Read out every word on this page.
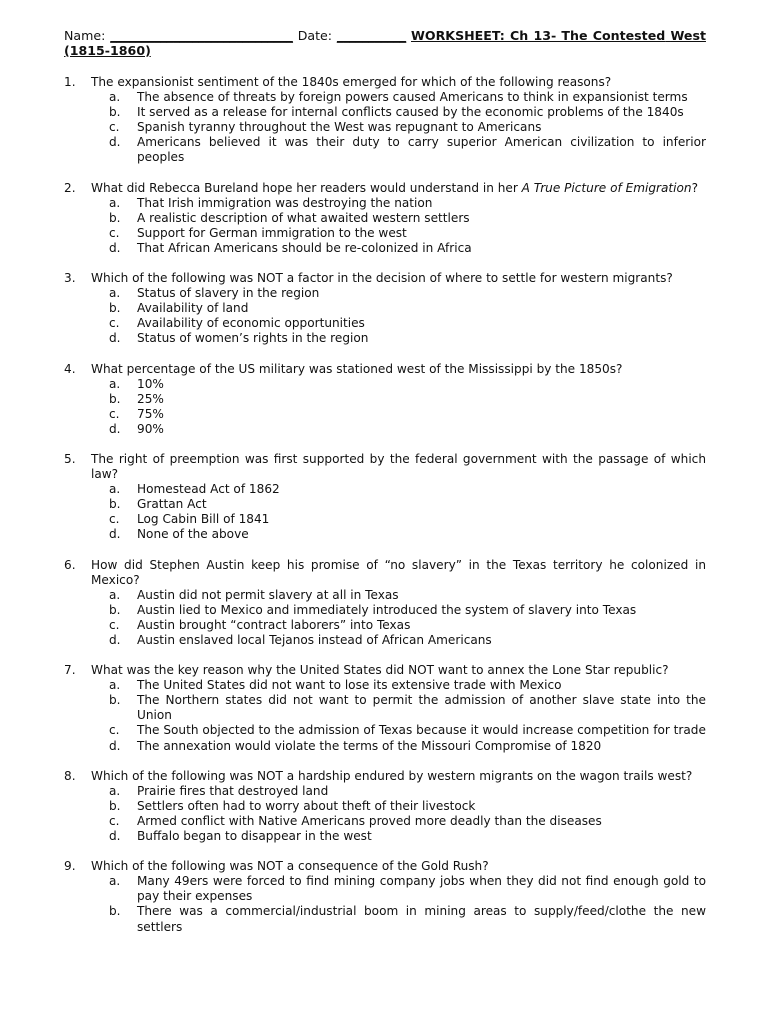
Name: _____________________________ Date: ___________ WORKSHEET: Ch 13- The Contested West (1815-1860)
1.	The expansionist sentiment of the 1840s emerged for which of the following reasons?
a.	The absence of threats by foreign powers caused Americans to think in expansionist terms
b.	It served as a release for internal conflicts caused by the economic problems of the 1840s
c.	Spanish tyranny throughout the West was repugnant to Americans
d.	Americans believed it was their duty to carry superior American civilization to inferior peoples
2.	What did Rebecca Bureland hope her readers would understand in her A True Picture of Emigration?
a.	That Irish immigration was destroying the nation
b.	A realistic description of what awaited western settlers
c.	Support for German immigration to the west
d.	That African Americans should be re-colonized in Africa
3.	Which of the following was NOT a factor in the decision of where to settle for western migrants?
a.	Status of slavery in the region
b.	Availability of land
c.	Availability of economic opportunities
d.	Status of women’s rights in the region
4.	What percentage of the US military was stationed west of the Mississippi by the 1850s?
a.	10%
b.	25%
c.	75%
d.	90%
5.	The right of preemption was first supported by the federal government with the passage of which law?
a.	Homestead Act of 1862
b.	Grattan Act
c.	Log Cabin Bill of 1841
d.	None of the above
6.	How did Stephen Austin keep his promise of “no slavery” in the Texas territory he colonized in Mexico?
a.	Austin did not permit slavery at all in Texas
b.	Austin lied to Mexico and immediately introduced the system of slavery into Texas
c.	Austin brought “contract laborers” into Texas
d.	Austin enslaved local Tejanos instead of African Americans
7.	What was the key reason why the United States did NOT want to annex the Lone Star republic?
a.	The United States did not want to lose its extensive trade with Mexico
b.	The Northern states did not want to permit the admission of another slave state into the Union
c.	The South objected to the admission of Texas because it would increase competition for trade
d.	The annexation would violate the terms of the Missouri Compromise of 1820
8.	Which of the following was NOT a hardship endured by western migrants on the wagon trails west?
a.	Prairie fires that destroyed land
b.	Settlers often had to worry about theft of their livestock
c.	Armed conflict with Native Americans proved more deadly than the diseases
d.	Buffalo began to disappear in the west
9.	Which of the following was NOT a consequence of the Gold Rush?
a.	Many 49ers were forced to find mining company jobs when they did not find enough gold to pay their expenses
b.	There was a commercial/industrial boom in mining areas to supply/feed/clothe the new settlers
